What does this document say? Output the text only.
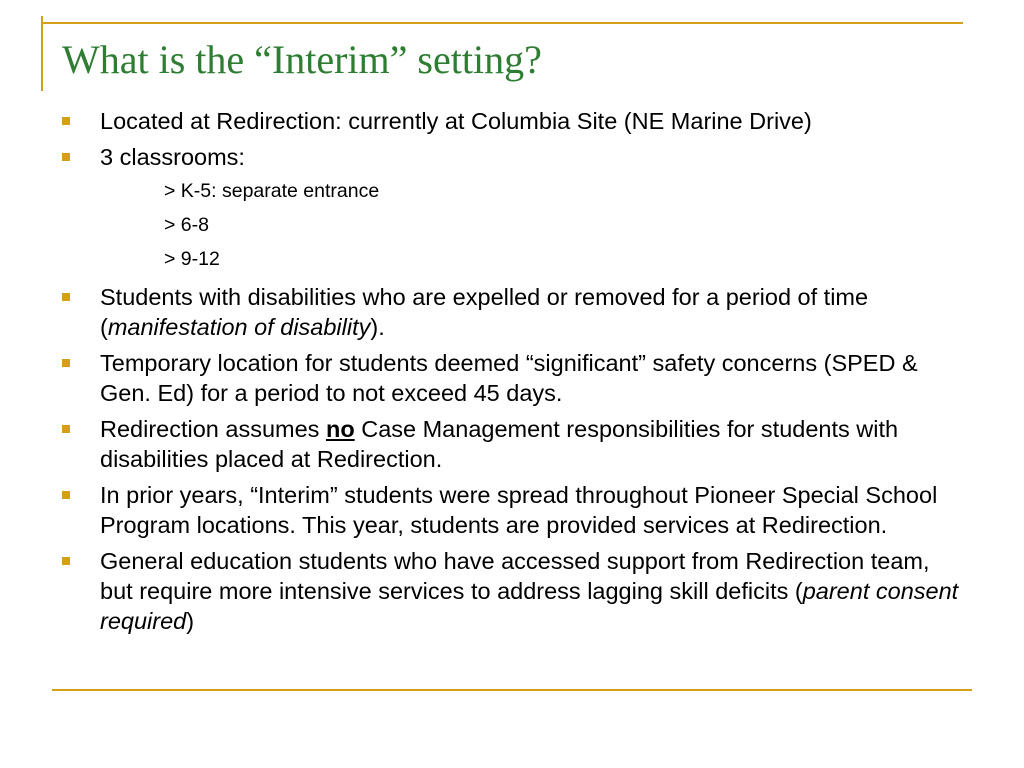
What is the “Interim” setting?
Located at Redirection: currently at Columbia Site (NE Marine Drive)
3 classrooms:
> K-5: separate entrance
> 6-8
> 9-12
Students with disabilities who are expelled or removed for a period of time (manifestation of disability).
Temporary location for students deemed “significant” safety concerns (SPED & Gen. Ed) for a period to not exceed 45 days.
Redirection assumes no Case Management responsibilities for students with disabilities placed at Redirection.
In prior years, “Interim” students were spread throughout Pioneer Special School Program locations. This year, students are provided services at Redirection.
General education students who have accessed support from Redirection team, but require more intensive services to address lagging skill deficits (parent consent required)
